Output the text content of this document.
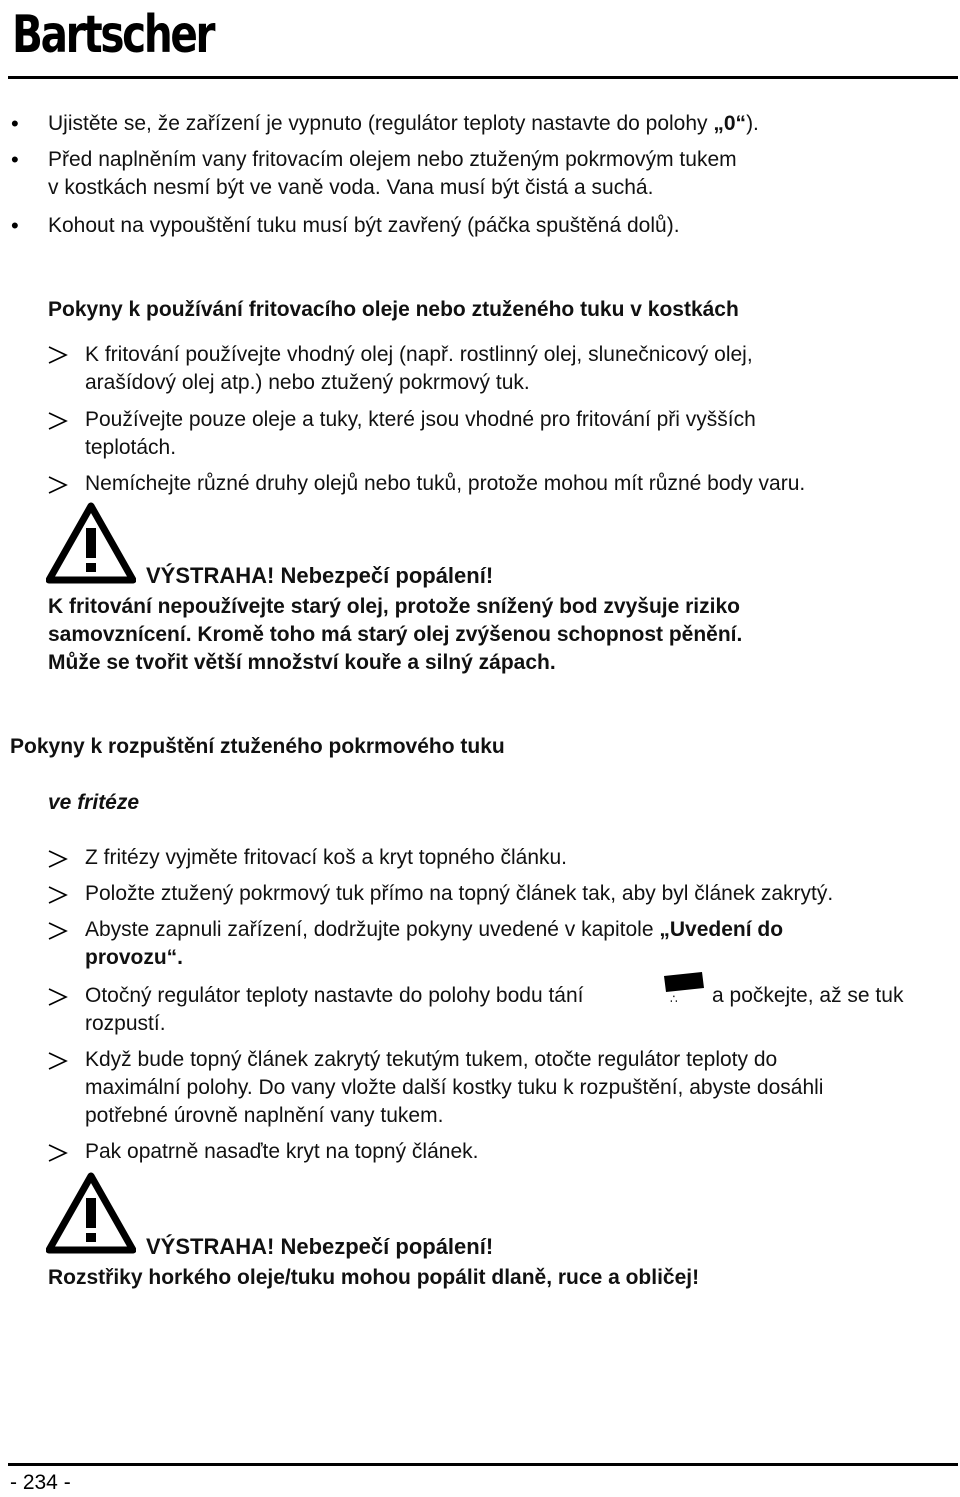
Bartscher
• Ujistěte se, že zařízení je vypnuto (regulátor teploty nastavte do polohy „0“).
• Před naplněním vany fritovacím olejem nebo ztuženým pokrmovým tukem
v kostkách nesmí být ve vaně voda. Vana musí být čistá a suchá.
• Kohout na vypouštění tuku musí být zavřený (páčka spuštěná dolů).
Pokyny k používání fritovacího oleje nebo ztuženého tuku v kostkách
K fritování používejte vhodný olej (např. rostlinný olej, slunečnicový olej,
arašídový olej atp.) nebo ztužený pokrmový tuk.
Používejte pouze oleje a tuky, které jsou vhodné pro fritování při vyšších
teplotách.
Nemíchejte různé druhy olejů nebo tuků, protože mohou mít různé body varu.
VÝSTRAHA! Nebezpečí popálení!
K fritování nepoužívejte starý olej, protože snížený bod zvyšuje riziko
samovznícení. Kromě toho má starý olej zvýšenou schopnost pěnění.
Může se tvořit větší množství kouře a silný zápach.
Pokyny k rozpuštění ztuženého pokrmového tuku
ve fritéze
Z fritézy vyjměte fritovací koš a kryt topného článku.
Položte ztužený pokrmový tuk přímo na topný článek tak, aby byl článek zakrytý.
Abyste zapnuli zařízení, dodržujte pokyny uvedené v kapitole „Uvedení do
provozu“.
Otočný regulátor teploty nastavte do polohy bodu tání	∴ a počkejte, až se tuk
rozpustí.
Když bude topný článek zakrytý tekutým tukem, otočte regulátor teploty do
maximální polohy. Do vany vložte další kostky tuku k rozpuštění, abyste dosáhli
potřebné úrovně naplnění vany tukem.
Pak opatrně nasaďte kryt na topný článek.
VÝSTRAHA! Nebezpečí popálení!
Rozstřiky horkého oleje/tuku mohou popálit dlaně, ruce a obličej!
- 234 -
